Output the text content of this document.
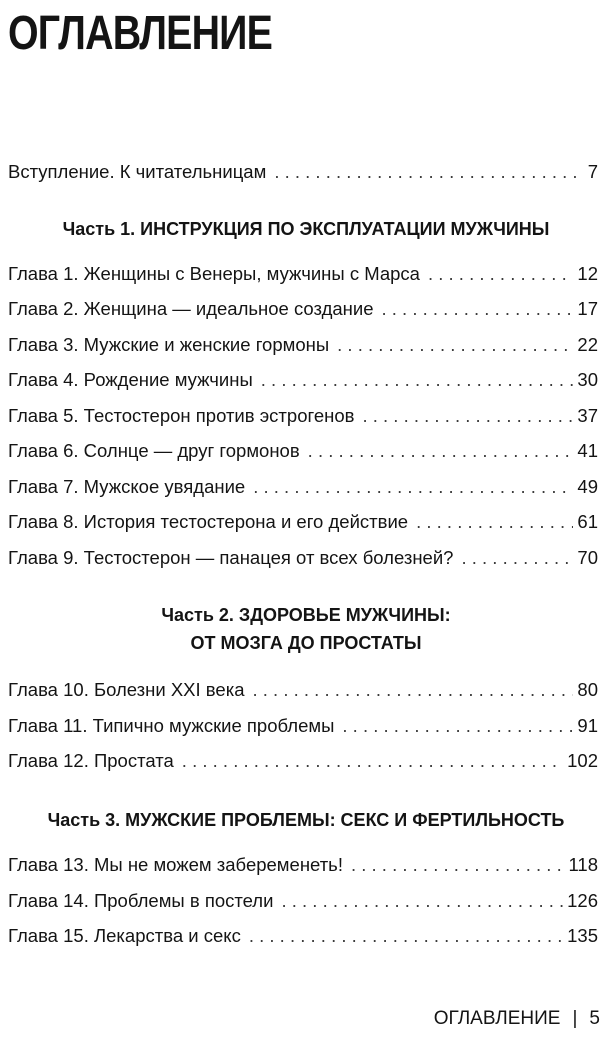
ОГЛАВЛЕНИЕ
Вступление. К читательницам . . .	7
Часть 1. ИНСТРУКЦИЯ ПО ЭКСПЛУАТАЦИИ МУЖЧИНЫ
Глава 1. Женщины с Венеры, мужчины с Марса . . .	12
Глава 2. Женщина — идеальное создание . . .	17
Глава 3. Мужские и женские гормоны . . .	22
Глава 4. Рождение мужчины . . .	30
Глава 5. Тестостерон против эстрогенов . . .	37
Глава 6. Солнце — друг гормонов . . .	41
Глава 7. Мужское увядание . . .	49
Глава 8. История тестостерона и его действие . . .	61
Глава 9. Тестостерон — панацея от всех болезней? . . .	70
Часть 2. ЗДОРОВЬЕ МУЖЧИНЫ:
ОТ МОЗГА ДО ПРОСТАТЫ
Глава 10. Болезни XXI века . . .	80
Глава 11. Типично мужские проблемы . . .	91
Глава 12. Простата . . .	102
Часть 3. МУЖСКИЕ ПРОБЛЕМЫ: СЕКС И ФЕРТИЛЬНОСТЬ
Глава 13. Мы не можем забеременеть! . . .	118
Глава 14. Проблемы в постели . . .	126
Глава 15. Лекарства и секс . . .	135
ОГЛАВЛЕНИЕ | 5
